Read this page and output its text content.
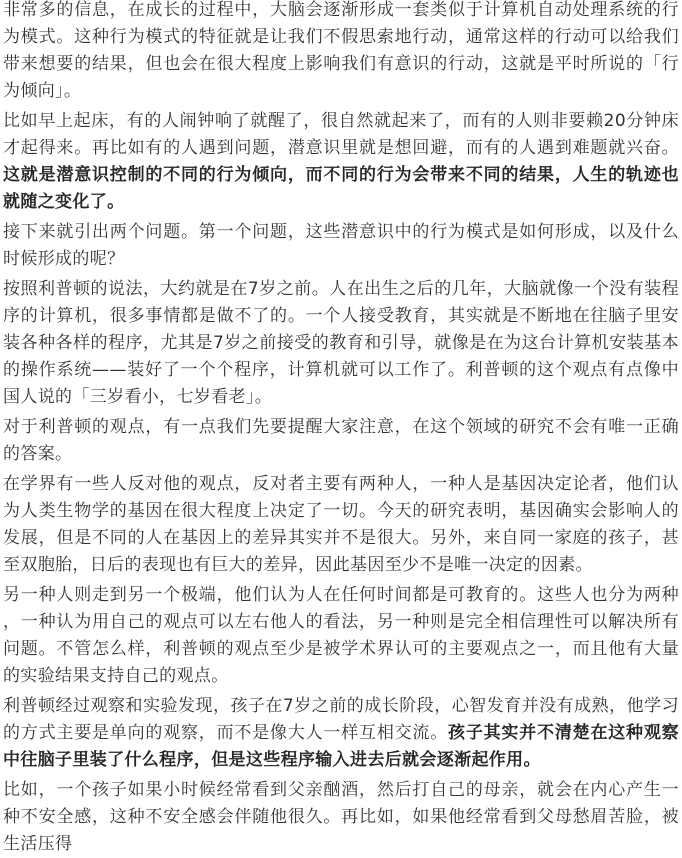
非常多的信息，在成长的过程中，大脑会逐渐形成一套类似于计算机自动处理系统的行为模式。这种行为模式的特征就是让我们不假思索地行动，通常这样的行动可以给我们带来想要的结果，但也会在很大程度上影响我们有意识的行动，这就是平时所说的「行为倾向」。

比如早上起床，有的人闹钟响了就醒了，很自然就起来了，而有的人则非要赖20分钟床才起得来。再比如有的人遇到问题，潜意识里就是想回避，而有的人遇到难题就兴奋。这就是潜意识控制的不同的行为倾向，而不同的行为会带来不同的结果，人生的轨迹也就随之变化了。

接下来就引出两个问题。第一个问题，这些潜意识中的行为模式是如何形成，以及什么时候形成的呢？

按照利普顿的说法，大约就是在7岁之前。人在出生之后的几年，大脑就像一个没有装程序的计算机，很多事情都是做不了的。一个人接受教育，其实就是不断地在往脑子里安装各种各样的程序，尤其是7岁之前接受的教育和引导，就像是在为这台计算机安装基本的操作系统——装好了一个个程序，计算机就可以工作了。利普顿的这个观点有点像中国人说的「三岁看小，七岁看老」。

对于利普顿的观点，有一点我们先要提醒大家注意，在这个领域的研究不会有唯一正确的答案。

在学界有一些人反对他的观点，反对者主要有两种人，一种人是基因决定论者，他们认为人类生物学的基因在很大程度上决定了一切。今天的研究表明，基因确实会影响人的发展，但是不同的人在基因上的差异其实并不是很大。另外，来自同一家庭的孩子，甚至双胞胎，日后的表现也有巨大的差异，因此基因至少不是唯一决定的因素。

另一种人则走到另一个极端，他们认为人在任何时间都是可教育的。这些人也分为两种，一种认为用自己的观点可以左右他人的看法，另一种则是完全相信理性可以解决所有问题。不管怎么样，利普顿的观点至少是被学术界认可的主要观点之一，而且他有大量的实验结果支持自己的观点。

利普顿经过观察和实验发现，孩子在7岁之前的成长阶段，心智发育并没有成熟，他学习的方式主要是单向的观察，而不是像大人一样互相交流。孩子其实并不清楚在这种观察中往脑子里装了什么程序，但是这些程序输入进去后就会逐渐起作用。

比如，一个孩子如果小时候经常看到父亲酗酒，然后打自己的母亲，就会在内心产生一种不安全感，这种不安全感会伴随他很久。再比如，如果他经常看到父母愁眉苦脸，被生活压得
